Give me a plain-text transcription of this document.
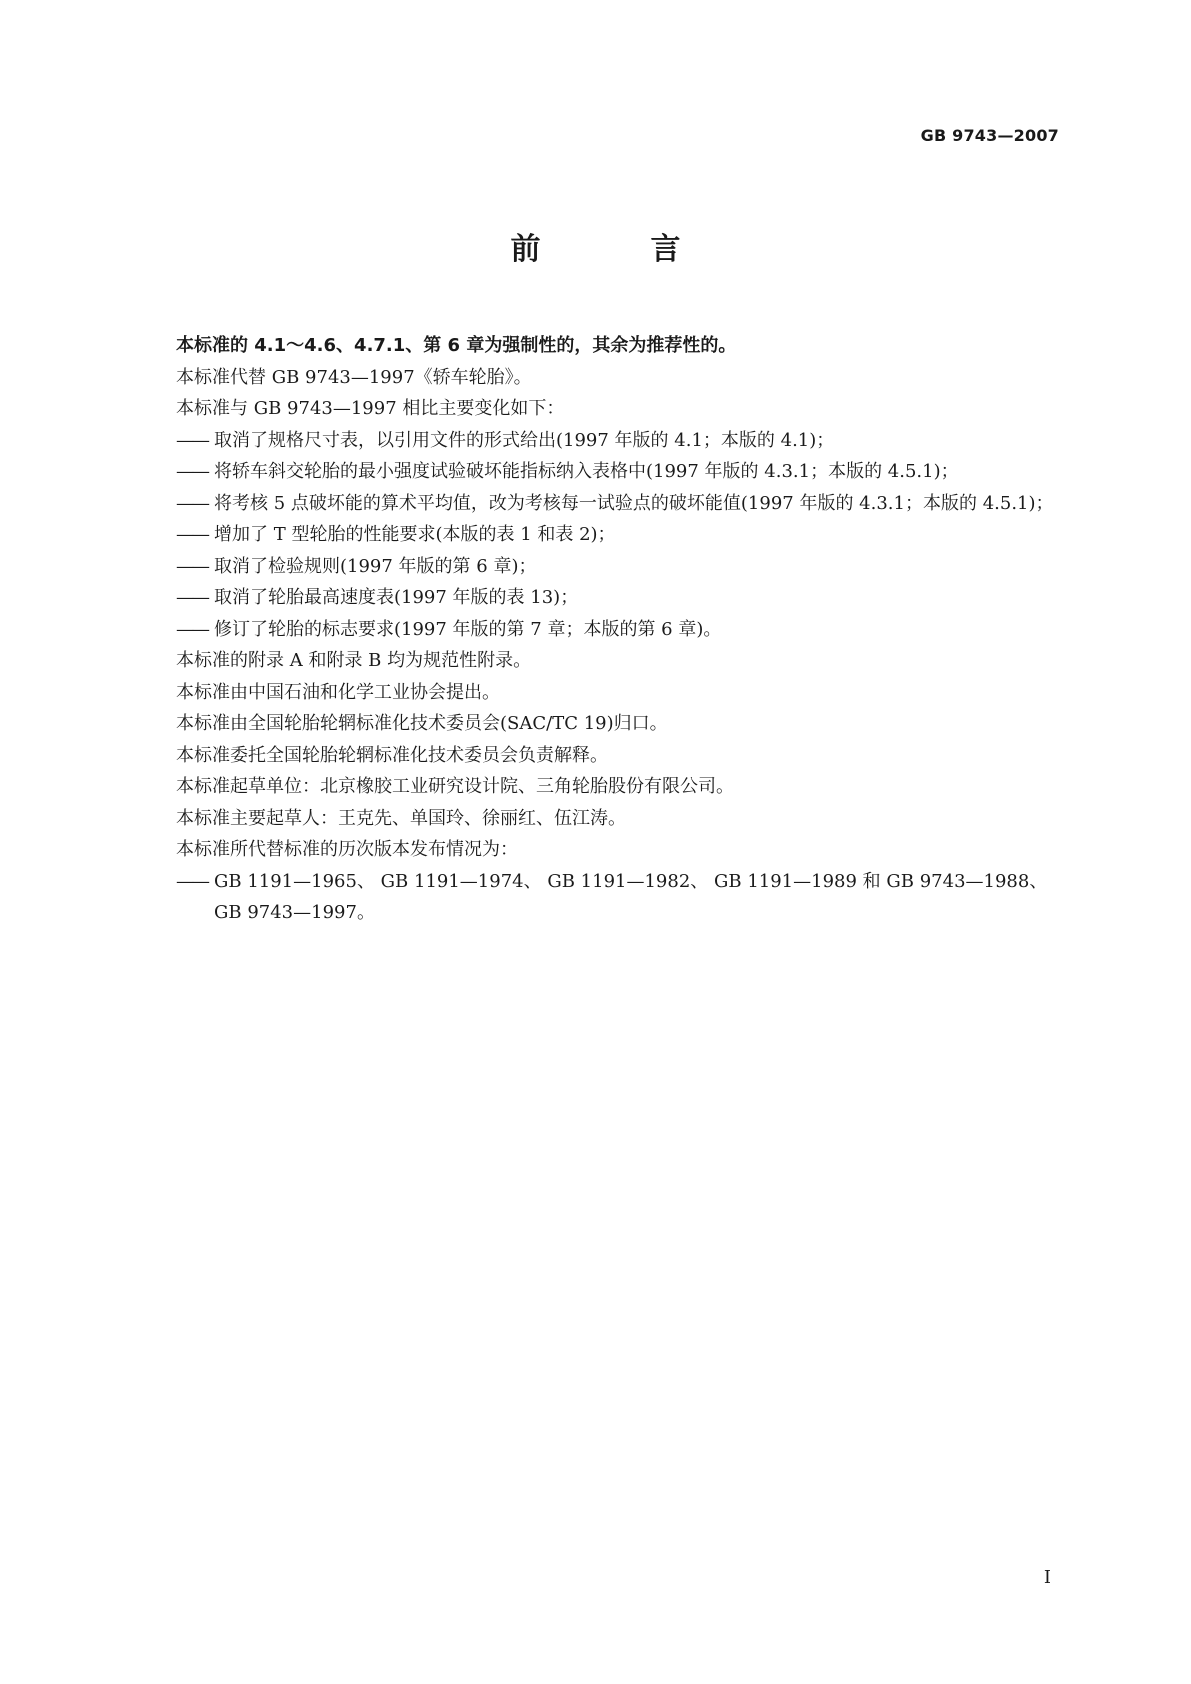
GB 9743—2007
前　言
本标准的 4.1～4.6、4.7.1、第 6 章为强制性的，其余为推荐性的。
本标准代替 GB 9743—1997《轿车轮胎》。
本标准与 GB 9743—1997 相比主要变化如下：
—— 取消了规格尺寸表，以引用文件的形式给出(1997 年版的 4.1；本版的 4.1)；
—— 将轿车斜交轮胎的最小强度试验破坏能指标纳入表格中(1997 年版的 4.3.1；本版的 4.5.1)；
—— 将考核 5 点破坏能的算术平均值，改为考核每一试验点的破坏能值(1997 年版的 4.3.1；本版的 4.5.1)；
—— 增加了 T 型轮胎的性能要求(本版的表 1 和表 2)；
—— 取消了检验规则(1997 年版的第 6 章)；
—— 取消了轮胎最高速度表(1997 年版的表 13)；
—— 修订了轮胎的标志要求(1997 年版的第 7 章；本版的第 6 章)。
本标准的附录 A 和附录 B 均为规范性附录。
本标准由中国石油和化学工业协会提出。
本标准由全国轮胎轮辋标准化技术委员会(SAC/TC 19)归口。
本标准委托全国轮胎轮辋标准化技术委员会负责解释。
本标准起草单位：北京橡胶工业研究设计院、三角轮胎股份有限公司。
本标准主要起草人：王克先、单国玲、徐丽红、伍江涛。
本标准所代替标准的历次版本发布情况为：
—— GB 1191—1965、 GB 1191—1974、 GB 1191—1982、 GB 1191—1989 和 GB 9743—1988、GB 9743—1997。
I
